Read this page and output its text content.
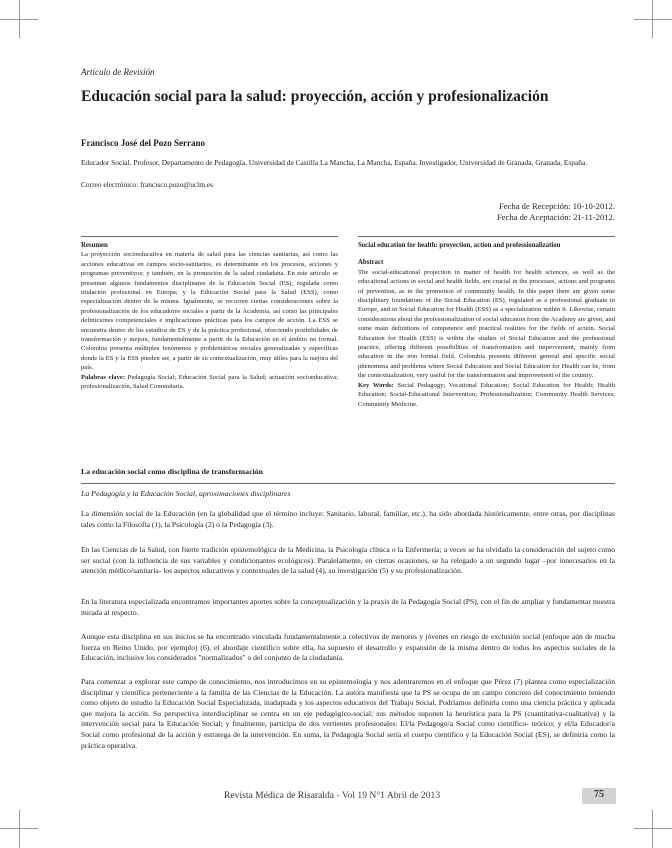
Artículo de Revisión
Educación social para la salud: proyección, acción y profesionalización
Francisco José del Pozo Serrano
Educador Social. Profesor, Departamento de Pedagogía, Universidad de Castilla La Mancha, La Mancha, España. Investigador, Universidad de Granada, Granada, España.
Correo electrónico: francisco.pozo@uclm.es
Fecha de Recepción: 10-10-2012.
Fecha de Aceptación: 21-11-2012.
Resumen

La proyección socioeducativa en materia de salud para las ciencias sanitarias, así como las acciones educativas en campos socio-sanitarios, es determinante en los procesos, acciones y programas preventivos; y también, en la promoción de la salud ciudadana. En este artículo se presentan algunos fundamentos disciplinares de la Educación Social (ES), regulada como titulación profesional en Europa; y la Educación Social para la Salud (ESS), como especialización dentro de la misma. Igualmente, se recorren ciertas consideraciones sobre la profesionalización de los educadores sociales a partir de la Academia, así como las principales definiciones competenciales e implicaciones prácticas para los campos de acción. La ESS se encuentra dentro de los estudios de ES y de la práctica profesional, ofreciendo posibilidades de transformación y mejora, fundamentalmente a partir de la Educación en el ámbito no formal. Colombia presenta múltiples fenómenos y problemáticas sociales generalizadas y específicas donde la ES y la ESS pueden ser, a partir de su contextualización, muy útiles para la mejora del país.

Palabras clave: Pedagogía Social; Educación Social para la Salud; actuación socioeducativa; profesionalización, Salud Comunitaria.

Social education for health: proyection, action and professionalization
Abstract

The social-educational projection in matter of health for health sciences, as well as the educational actions in social and health fields, are crucial in the processes, actions and programs of prevention, as in the promotion of community health. In this paper there are given some disciplinary foundations of the Social Education (ES), regulated as a professional graduate in Europe, and in Social Education for Health (ESS) as a specialization within it. Likewise, certain considerations about the professionalization of social educators from the Academy are given, and some main definitions of competence and practical realities for the fields of action. Social Education for Health (ESS) is within the studies of Social Education and the professional practice, offering different possibilities of transformation and improvement, mainly from education in the non formal field. Colombia presents different general and specific social phenomena and problems where Social Education and Social Education for Health can be, from the contextualization, very useful for the transformation and improvement of the country.

Key Words: Social Pedagogy; Vocational Education; Social Education for Health; Health Education; Social-Educational Intervention; Professionalization; Community Health Services; Community Medicine.

La educación social como disciplina de transformación
La Pedagogía y la Educación Social, aproximaciones disciplinares

La dimensión social de la Educación (en la globalidad que el término incluye: Sanitario, laboral, familiar, etc.), ha sido abordada históricamente, entre otras, por disciplinas tales como la Filosofía (1), la Psicología (2) o la Pedagogía (3).

En las Ciencias de la Salud, con fuerte tradición epistemológica de la Medicina, la Psicología clínica o la Enfermería; a veces se ha olvidado la consideración del sujeto como ser social (con la influencia de sus variables y condicionantes ecológicos). Paralelamente, en ciertas ocasiones, se ha relegado a un segundo lugar –por innecesarios en la atención médico/sanitaria- los aspectos educativos y contextuales de la salud (4), su investigación (5) y su profesionalización.

En la literatura especializada encontramos importantes aportes sobre la conceptualización y la praxis de la Pedagogía Social (PS), con el fin de ampliar y fundamentar nuestra mirada al respecto.

Aunque esta disciplina en sus inicios se ha encontrado vinculada fundamentalmente a colectivos de menores y jóvenes en riesgo de exclusión social (enfoque aún de mucha fuerza en Reino Unido, por ejemplo) (6), el abordaje científico sobre ella, ha supuesto el desarrollo y expansión de la misma dentro de todos los aspectos sociales de la Educación, inclusive los considerados "normalizados" o del conjunto de la ciudadanía.

Para comenzar a explorar este campo de conocimiento, nos introducimos en su epistemología y nos adentraremos en el enfoque que Pérez (7) plantea como especialización disciplinar y científica perteneciente a la familia de las Ciencias de la Educación. La autora manifiesta que la PS se ocupa de un campo concreto del conocimiento teniendo como objeto de estudio la Educación Social Especializada, inadaptada y los aspectos educativos del Trabajo Social. Podríamos definirla como una ciencia práctica y aplicada que mejora la acción. Su perspectiva interdisciplinar se centra en un eje pedagógico-social; sus métodos suponen la heurística para la PS (cuantitativa-cualitativa) y la intervención social para la Educación Social; y finalmente, participa de dos vertientes profesionales: El/la Pedagogo/a Social como científico- teórico; y el/la Educador/a Social como profesional de la acción y estratega de la intervención. En suma, la Pedagogía Social sería el cuerpo científico y la Educación Social (ES), se definiría como la práctica operativa.

Revista Médica de Risaralda - Vol 19 N°1 Abril de 2013	75
